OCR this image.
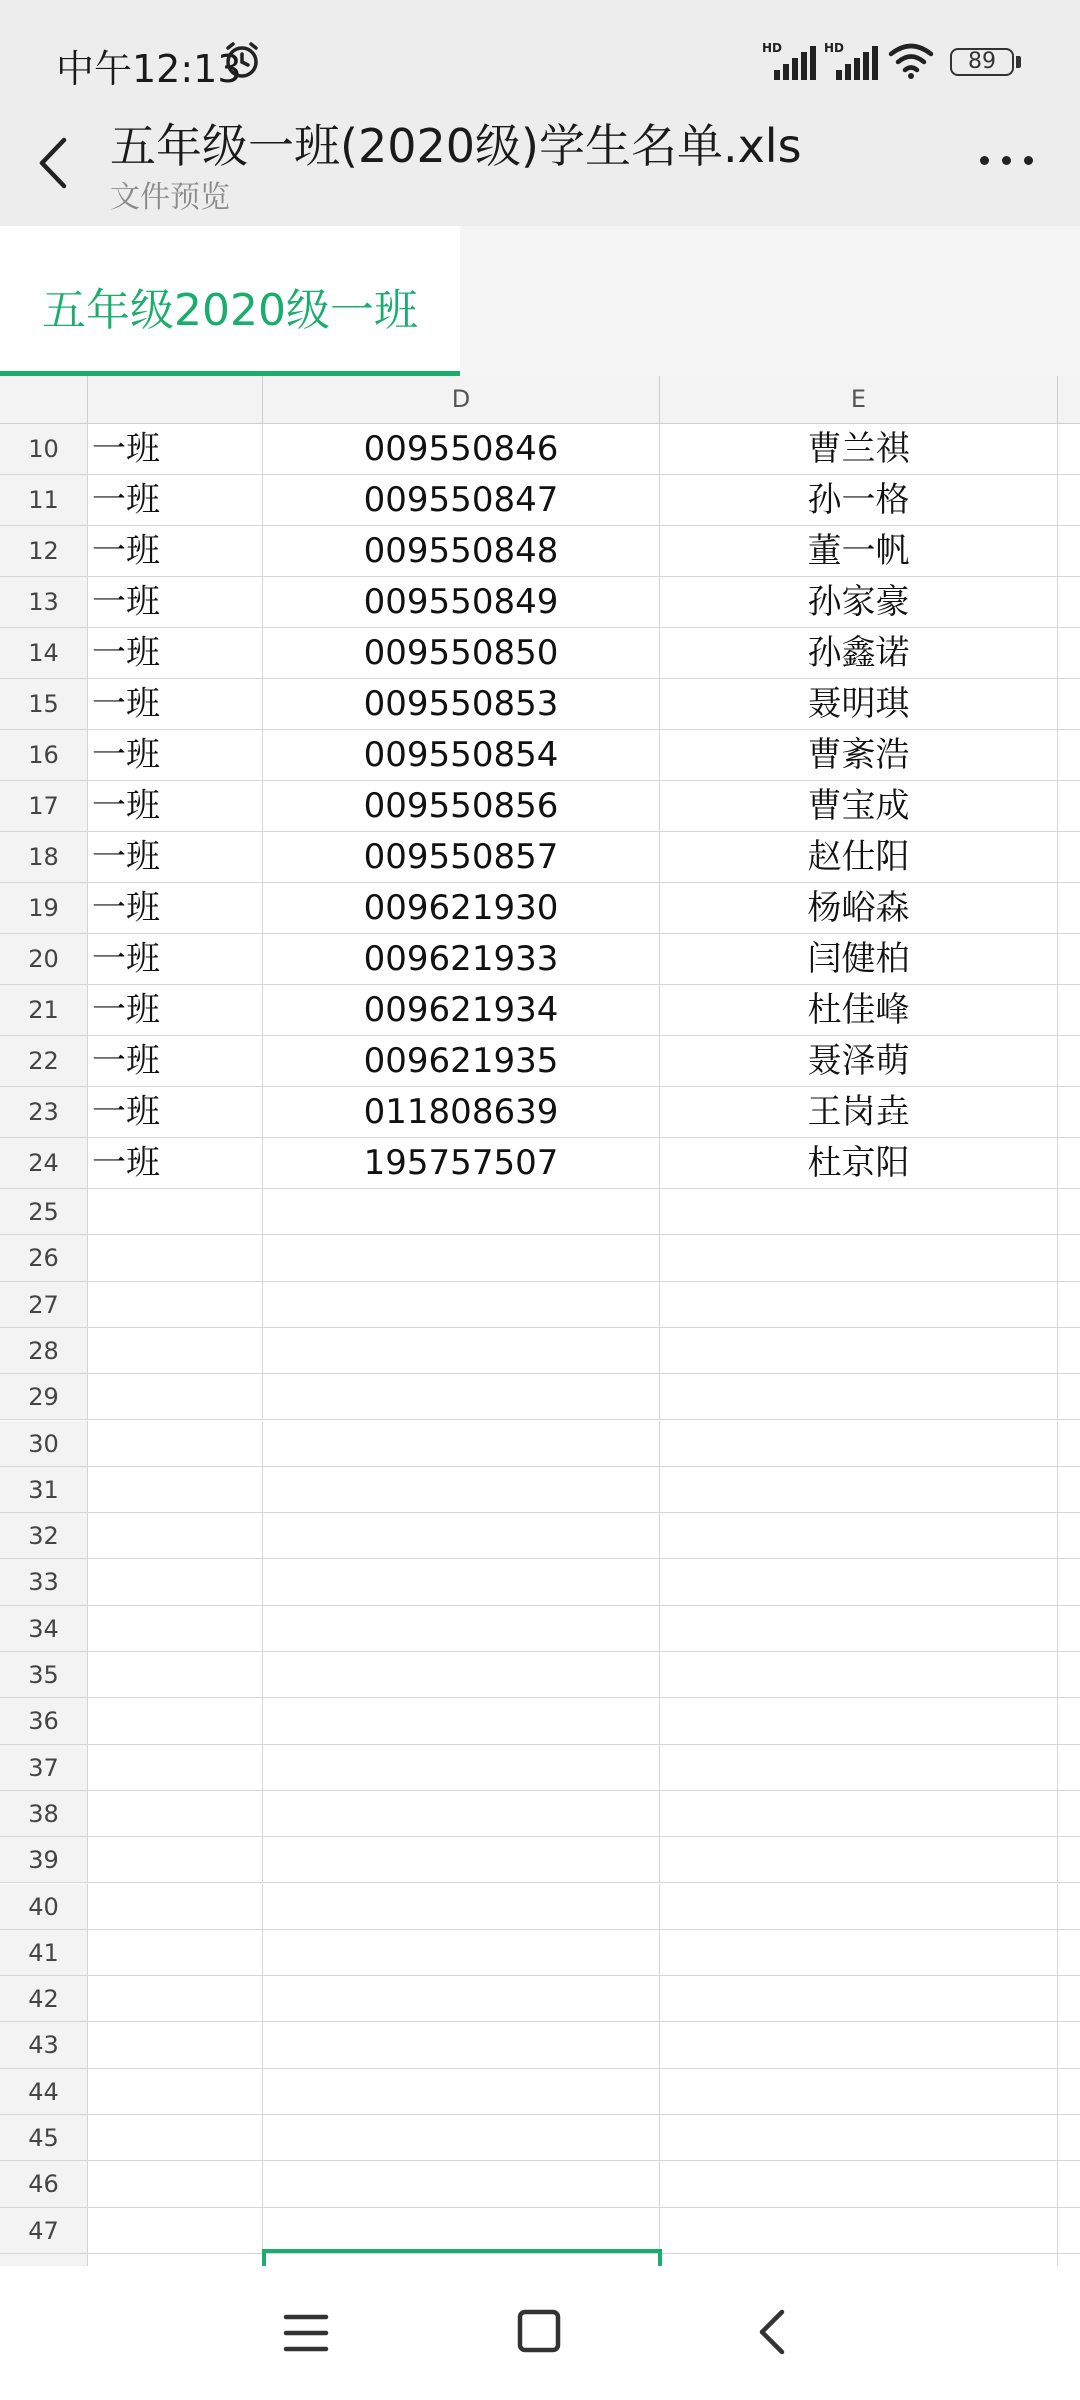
中午12:13	HD	HD
89
五年级一班(2020级)学生名单.xls
文件预览
五年级2020级一班
D	E
10 一班	009550846	曹兰祺
11 一班	009550847	孙一格
12 一班	009550848	董一帆
13 一班	009550849	孙家豪
14 一班	009550850	孙鑫诺
15 一班	009550853	聂明琪
16 一班	009550854	曹紊浩
17 一班	009550856	曹宝成
18 一班	009550857	赵仕阳
19 一班	009621930	杨峪森
20 一班	009621933	闫健柏
21 一班	009621934	杜佳峰
22 一班	009621935	聂泽萌
23 一班	011808639	王岗垚
24 一班	195757507	杜京阳
25
26
27
28
29
30
31
32
33
34
35
36
37
38
39
40
41
42
43
44
45
46
47
